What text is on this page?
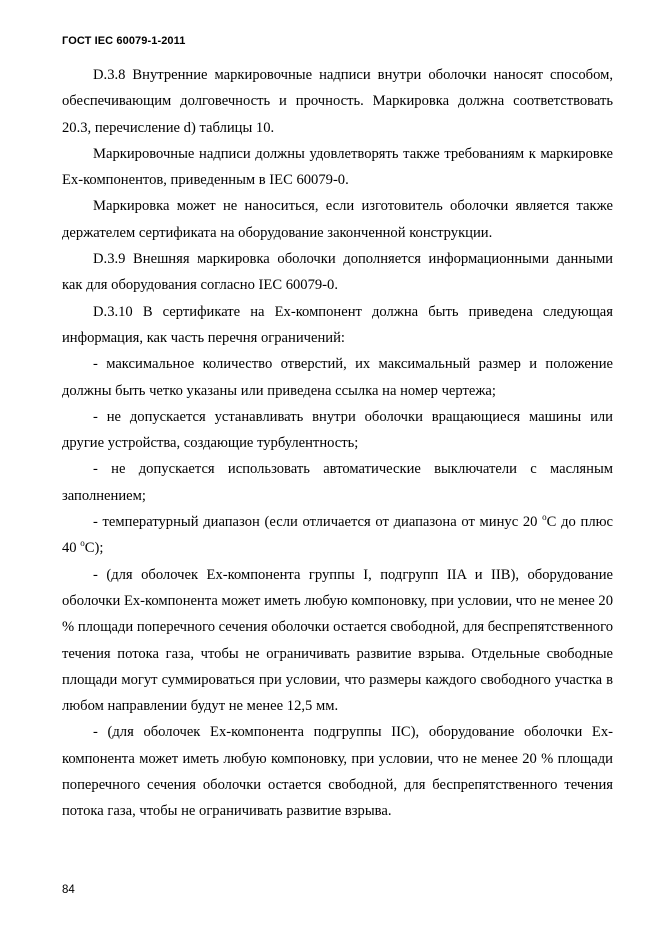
ГОСТ IEC 60079-1-2011

D.3.8 Внутренние маркировочные надписи внутри оболочки наносят способом, обеспечивающим долговечность и прочность. Маркировка должна соответствовать 20.3, перечисление d) таблицы 10.

Маркировочные надписи должны удовлетворять также требованиям к маркировке Ex-компонентов, приведенным в IEC 60079-0.

Маркировка может не наноситься, если изготовитель оболочки является также держателем сертификата на оборудование законченной конструкции.

D.3.9 Внешняя маркировка оболочки дополняется информационными данными как для оборудования согласно IEC 60079-0.

D.3.10 В сертификате на Ex-компонент должна быть приведена следующая информация, как часть перечня ограничений:

- максимальное количество отверстий, их максимальный размер и положение должны быть четко указаны или приведена ссылка на номер чертежа;

- не допускается устанавливать внутри оболочки вращающиеся машины или другие устройства, создающие турбулентность;

- не допускается использовать автоматические выключатели с масляным заполнением;

- температурный диапазон (если отличается от диапазона от минус 20 $^o$С до плюс 40 $^o$С);

- (для оболочек Ex-компонента группы I, подгрупп IIA и IIB), оборудование оболочки Ex-компонента может иметь любую компоновку, при условии, что не менее 20 % площади поперечного сечения оболочки остается свободной, для беспрепятственного течения потока газа, чтобы не ограничивать развитие взрыва. Отдельные свободные площади могут суммироваться при условии, что размеры каждого свободного участка в любом направлении будут не менее 12,5 мм.

- (для оболочек Ex-компонента подгруппы IIC), оборудование оболочки Ex-компонента может иметь любую компоновку, при условии, что не менее 20 % площади поперечного сечения оболочки остается свободной, для беспрепятственного течения потока газа, чтобы не ограничивать развитие взрыва.

84
